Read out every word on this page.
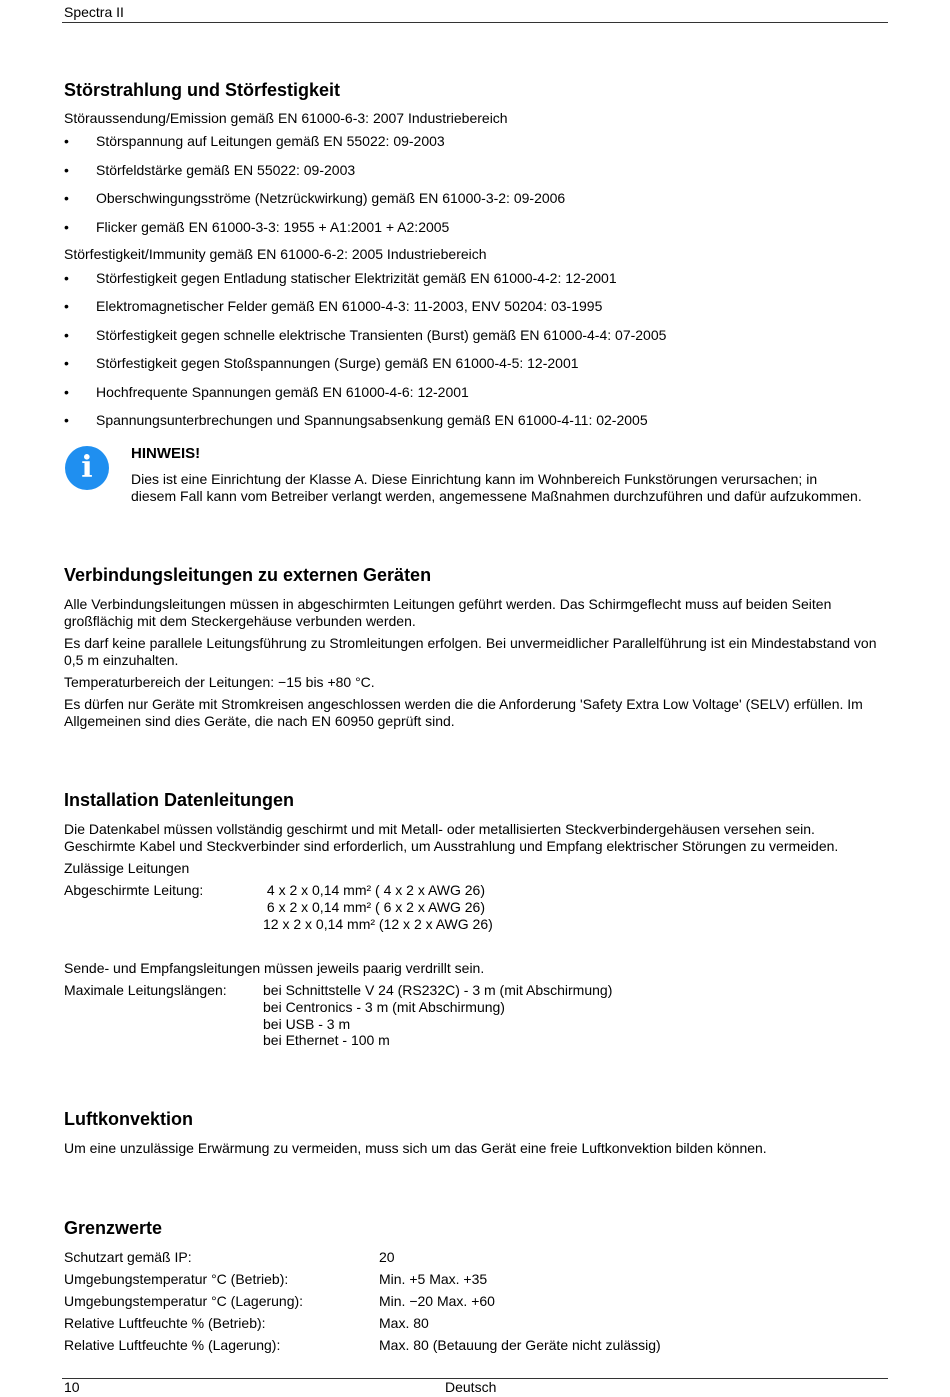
Spectra II
Störstrahlung und Störfestigkeit
Störaussendung/Emission gemäß EN 61000-6-3: 2007 Industriebereich
• Störspannung auf Leitungen gemäß EN 55022: 09-2003
• Störfeldstärke gemäß EN 55022: 09-2003
• Oberschwingungsströme (Netzrückwirkung) gemäß EN 61000-3-2: 09-2006
• Flicker gemäß EN 61000-3-3: 1955 + A1:2001 + A2:2005
Störfestigkeit/Immunity gemäß EN 61000-6-2: 2005 Industriebereich
• Störfestigkeit gegen Entladung statischer Elektrizität gemäß EN 61000-4-2: 12-2001
• Elektromagnetischer Felder gemäß EN 61000-4-3: 11-2003, ENV 50204: 03-1995
• Störfestigkeit gegen schnelle elektrische Transienten (Burst) gemäß EN 61000-4-4: 07-2005
• Störfestigkeit gegen Stoßspannungen (Surge) gemäß EN 61000-4-5: 12-2001
• Hochfrequente Spannungen gemäß EN 61000-4-6: 12-2001
• Spannungsunterbrechungen und Spannungsabsenkung gemäß EN 61000-4-11: 02-2005
i	HINWEIS!
Dies ist eine Einrichtung der Klasse A. Diese Einrichtung kann im Wohnbereich Funkstörungen verursachen; in diesem Fall kann vom Betreiber verlangt werden, angemessene Maßnahmen durchzuführen und dafür aufzukommen.
Verbindungsleitungen zu externen Geräten
Alle Verbindungsleitungen müssen in abgeschirmten Leitungen geführt werden. Das Schirmgeflecht muss auf beiden Seiten großflächig mit dem Steckergehäuse verbunden werden.
Es darf keine parallele Leitungsführung zu Stromleitungen erfolgen. Bei unvermeidlicher Parallelführung ist ein Mindestabstand von 0,5 m einzuhalten.
Temperaturbereich der Leitungen: −15 bis +80 °C.
Es dürfen nur Geräte mit Stromkreisen angeschlossen werden die die Anforderung 'Safety Extra Low Voltage' (SELV) erfüllen. Im Allgemeinen sind dies Geräte, die nach EN 60950 geprüft sind.
Installation Datenleitungen
Die Datenkabel müssen vollständig geschirmt und mit Metall- oder metallisierten Steckverbindergehäusen versehen sein. Geschirmte Kabel und Steckverbinder sind erforderlich, um Ausstrahlung und Empfang elektrischer Störungen zu vermeiden.
Zulässige Leitungen
Abgeschirmte Leitung:	4 x 2 x 0,14 mm² ( 4 x 2 x AWG 26)
6 x 2 x 0,14 mm² ( 6 x 2 x AWG 26)
12 x 2 x 0,14 mm² (12 x 2 x AWG 26)
Sende- und Empfangsleitungen müssen jeweils paarig verdrillt sein.
Maximale Leitungslängen:	bei Schnittstelle V 24 (RS232C) - 3 m (mit Abschirmung)
bei Centronics - 3 m (mit Abschirmung)
bei USB - 3 m
bei Ethernet - 100 m
Luftkonvektion
Um eine unzulässige Erwärmung zu vermeiden, muss sich um das Gerät eine freie Luftkonvektion bilden können.
Grenzwerte
Schutzart gemäß IP:	20
Umgebungstemperatur °C (Betrieb):	Min. +5 Max. +35
Umgebungstemperatur °C (Lagerung):	Min. −20 Max. +60
Relative Luftfeuchte % (Betrieb):	Max. 80
Relative Luftfeuchte % (Lagerung):	Max. 80 (Betauung der Geräte nicht zulässig)
10	Deutsch
